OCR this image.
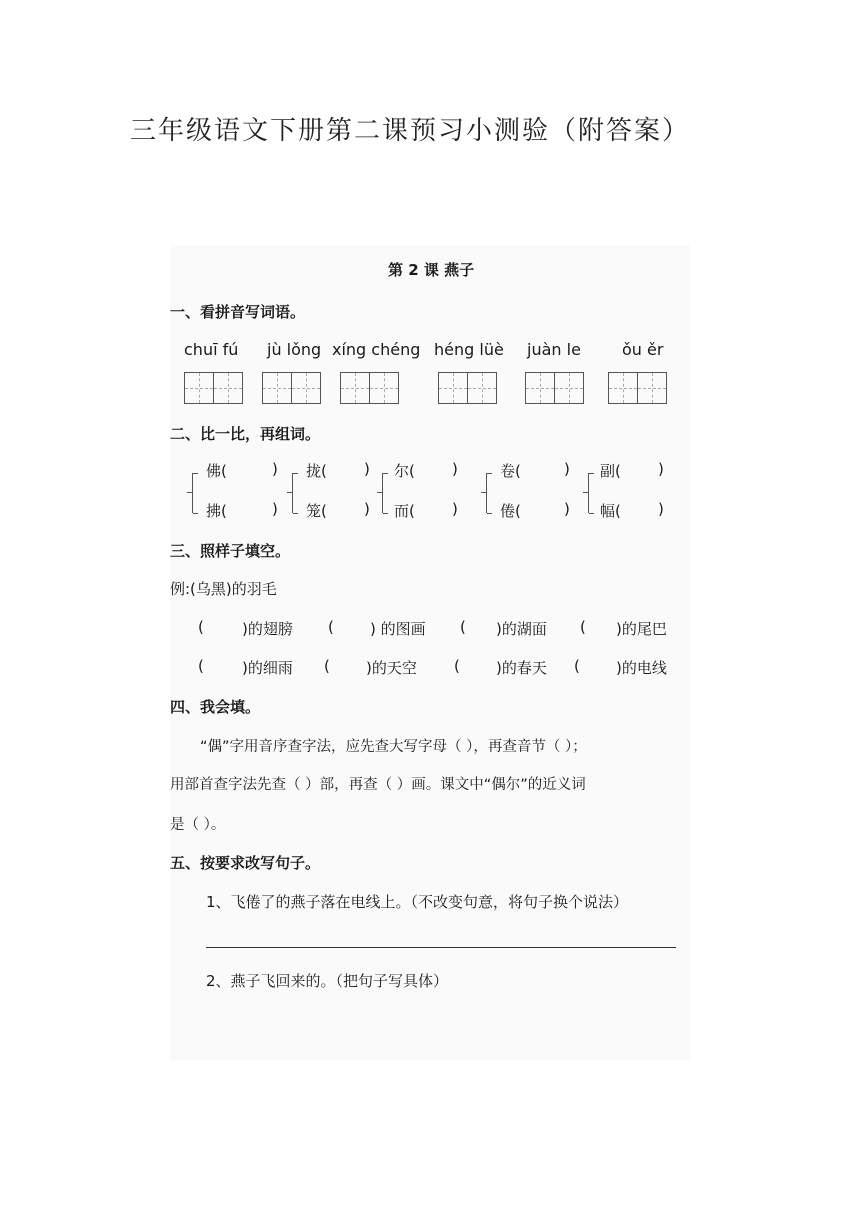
三年级语文下册第二课预习小测验（附答案）
第 2 课 燕子
一、看拼音写词语。
chuī fú jù lǒng xíng chéng héng lüè juàn le	ǒu ěr
二、比一比，再组词。
佛(
拂(
)
)
拢(
笼(
)
)
尔(
而(
)
)
卷(
倦(
)
)
副(
幅(
)
)
三、照样子填空。
例:(乌黑)的羽毛
(	)的翅膀 ( ) 的图画 ( )的湖面 ( )的尾巴
(	)的细雨 ( )的天空 ( )的春天 ( )的电线
四、我会填。
“偶”字用音序查字法，应先查大写字母（ ），再查音节（ ）；
用部首查字法先查（ ）部，再查（ ）画。课文中“偶尔”的近义词
是（ ）。
五、按要求改写句子。
1、飞倦了的燕子落在电线上。（不改变句意，将句子换个说法）
2、燕子飞回来的。（把句子写具体）
